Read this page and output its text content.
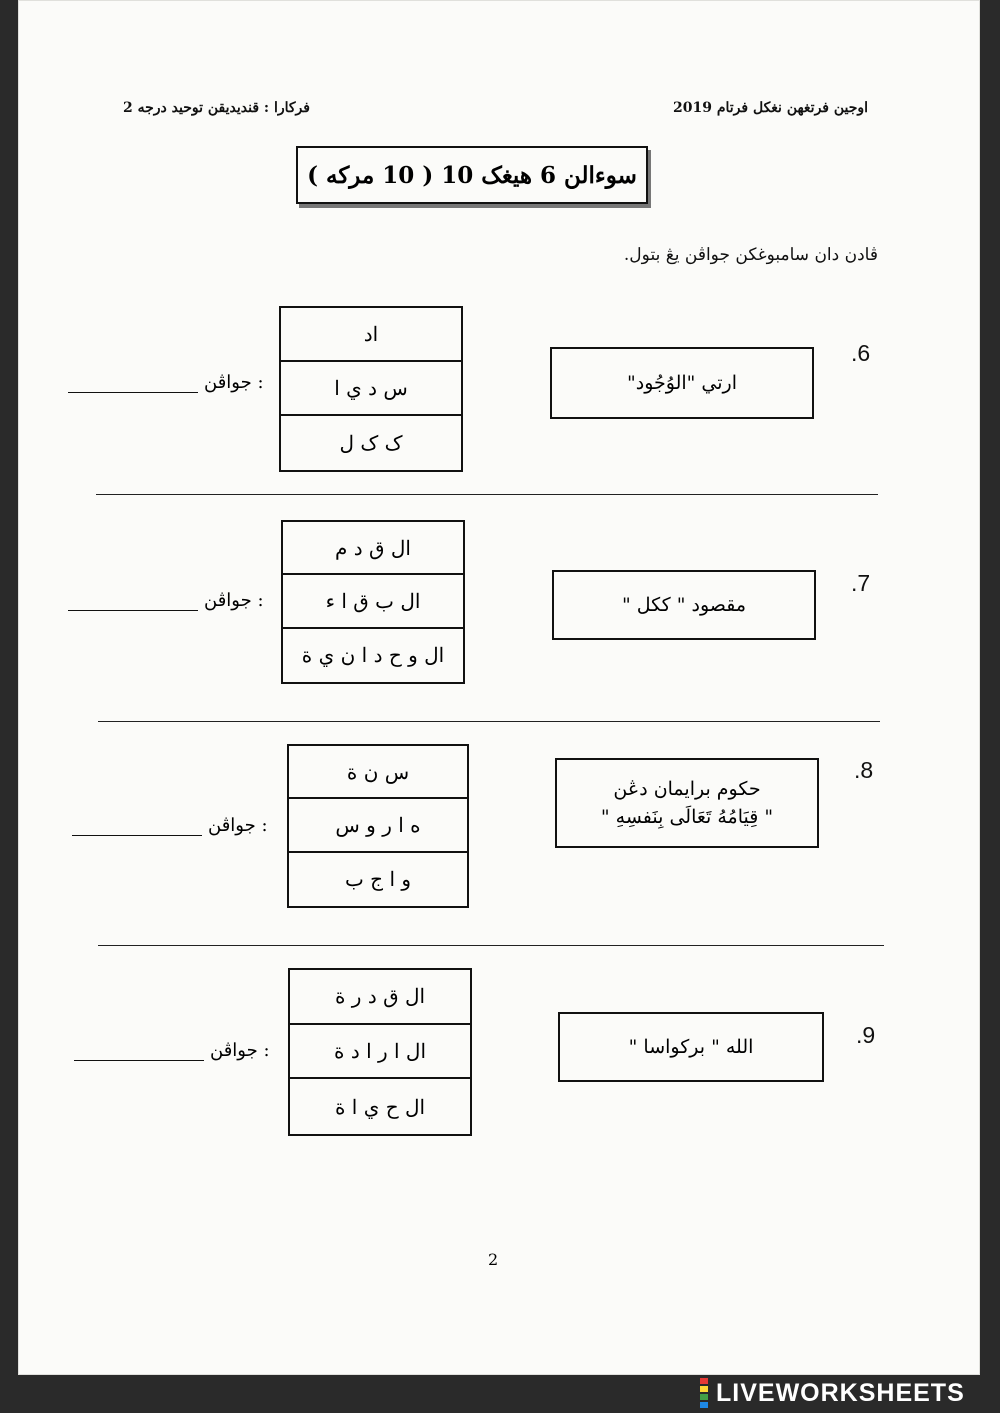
فركارا : قنديديقن توحيد درجه 2	اوجين فرتغهن نغكل فرتام 2019
سوءالن 6 هيغک 10 ( 10 مرکه )
ڤادن دان سامبوغكن جواڤن يڠ بتول.
.6
ارتي "الوُجُود"
اد
س د ي ا
ک ک ل
جواڤن :
.7
مقصود " ککل "
ال ق د م
ال ب ق ا ء
ال و ح د ا ن ي ة
جواڤن :
.8
حکوم برايمان دڠن
" قِيَامُهُ تَعَالَى بِنَفسِهِ "
س ن ة
ه ا ر و س
و ا ج ب
جواڤن :
.9
الله " برکواسا "
ال ق د ر ة
ال ا ر ا د ة
ال ح ي ا ة
جواڤن :
2
LIVEWORKSHEETS
